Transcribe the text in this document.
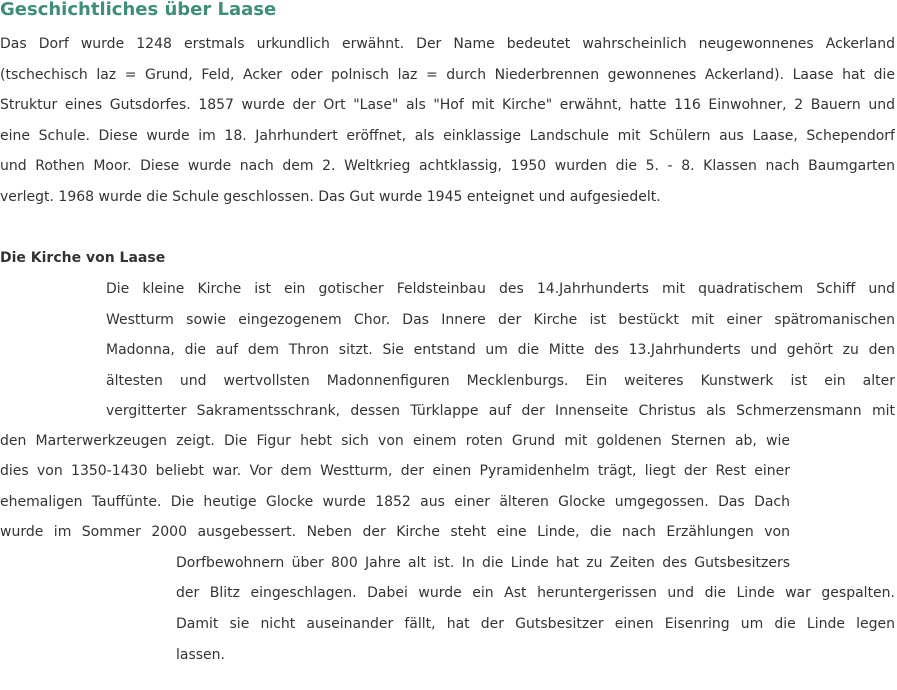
Geschichtliches über Laase
Das Dorf wurde 1248 erstmals urkundlich erwähnt. Der Name bedeutet wahrscheinlich neugewonnenes Ackerland
(tschechisch laz = Grund, Feld, Acker oder polnisch laz = durch Niederbrennen gewonnenes Ackerland). Laase hat die
Struktur eines Gutsdorfes. 1857 wurde der Ort "Lase" als "Hof mit Kirche" erwähnt, hatte 116 Einwohner, 2 Bauern und
eine Schule. Diese wurde im 18. Jahrhundert eröffnet, als einklassige Landschule mit Schülern aus Laase, Schependorf
und Rothen Moor. Diese wurde nach dem 2. Weltkrieg achtklassig, 1950 wurden die 5. - 8. Klassen nach Baumgarten
verlegt. 1968 wurde die Schule geschlossen. Das Gut wurde 1945 enteignet und aufgesiedelt.
Die Kirche von Laase
Die kleine Kirche ist ein gotischer Feldsteinbau des 14.Jahrhunderts mit quadratischem Schiff und
Westturm sowie eingezogenem Chor. Das Innere der Kirche ist bestückt mit einer spätromanischen
Madonna, die auf dem Thron sitzt. Sie entstand um die Mitte des 13.Jahrhunderts und gehört zu den
ältesten und wertvollsten Madonnenfiguren Mecklenburgs. Ein weiteres Kunstwerk ist ein alter
vergitterter Sakramentsschrank, dessen Türklappe auf der Innenseite Christus als Schmerzensmann mit
den Marterwerkzeugen zeigt. Die Figur hebt sich von einem roten Grund mit goldenen Sternen ab, wie
dies von 1350-1430 beliebt war. Vor dem Westturm, der einen Pyramidenhelm trägt, liegt der Rest einer
ehemaligen Tauffünte. Die heutige Glocke wurde 1852 aus einer älteren Glocke umgegossen. Das Dach
wurde im Sommer 2000 ausgebessert. Neben der Kirche steht eine Linde, die nach Erzählungen von
Dorfbewohnern über 800 Jahre alt ist. In die Linde hat zu Zeiten des Gutsbesitzers
der Blitz eingeschlagen. Dabei wurde ein Ast heruntergerissen und die Linde war gespalten.
Damit sie nicht auseinander fällt, hat der Gutsbesitzer einen Eisenring um die Linde legen
lassen.
